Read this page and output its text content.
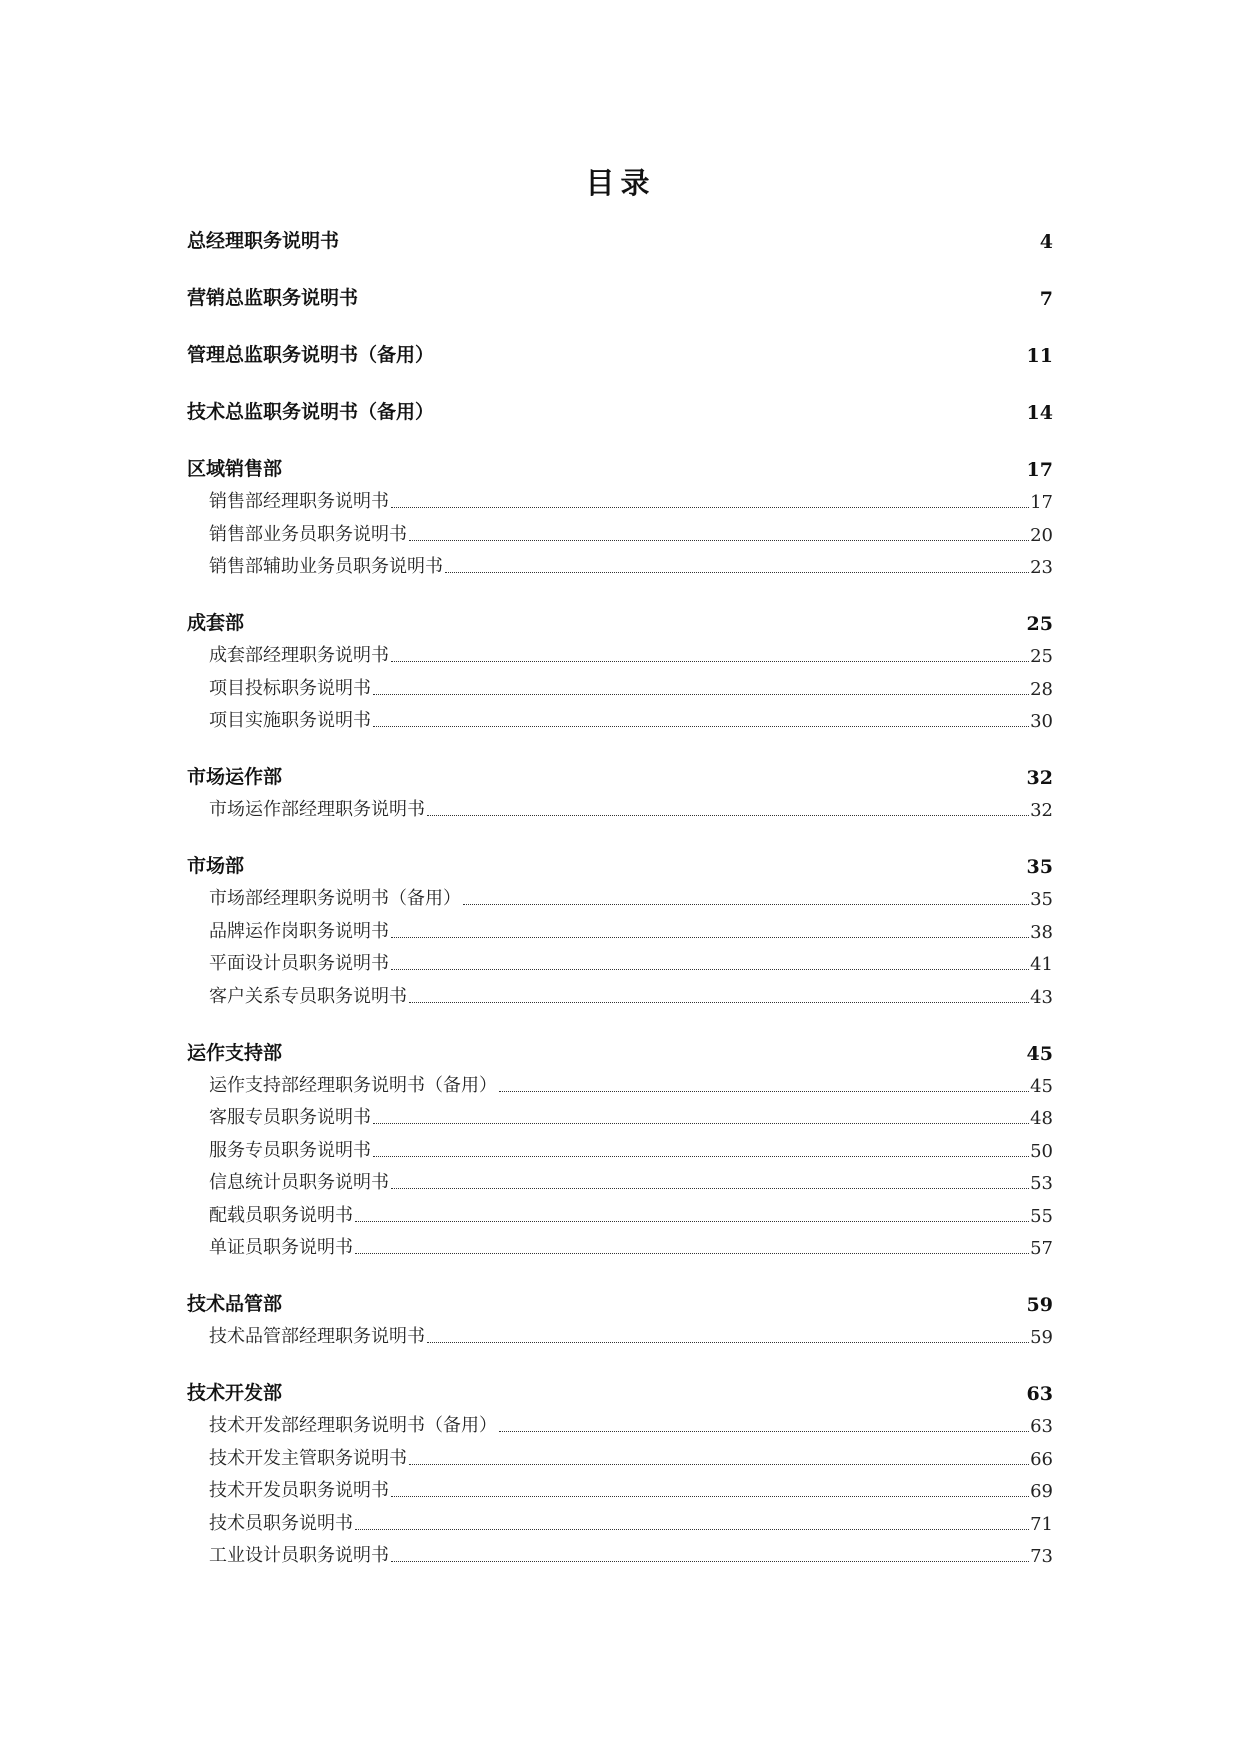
目录
总经理职务说明书	4
营销总监职务说明书	7
管理总监职务说明书（备用）	11
技术总监职务说明书（备用）	14
区域销售部	17
销售部经理职务说明书	17
销售部业务员职务说明书	20
销售部辅助业务员职务说明书	23
成套部	25
成套部经理职务说明书	25
项目投标职务说明书	28
项目实施职务说明书	30
市场运作部	32
市场运作部经理职务说明书	32
市场部	35
市场部经理职务说明书（备用）	35
品牌运作岗职务说明书	38
平面设计员职务说明书	41
客户关系专员职务说明书	43
运作支持部	45
运作支持部经理职务说明书（备用）	45
客服专员职务说明书	48
服务专员职务说明书	50
信息统计员职务说明书	53
配载员职务说明书	55
单证员职务说明书	57
技术品管部	59
技术品管部经理职务说明书	59
技术开发部	63
技术开发部经理职务说明书（备用）	63
技术开发主管职务说明书	66
技术开发员职务说明书	69
技术员职务说明书	71
工业设计员职务说明书	73
